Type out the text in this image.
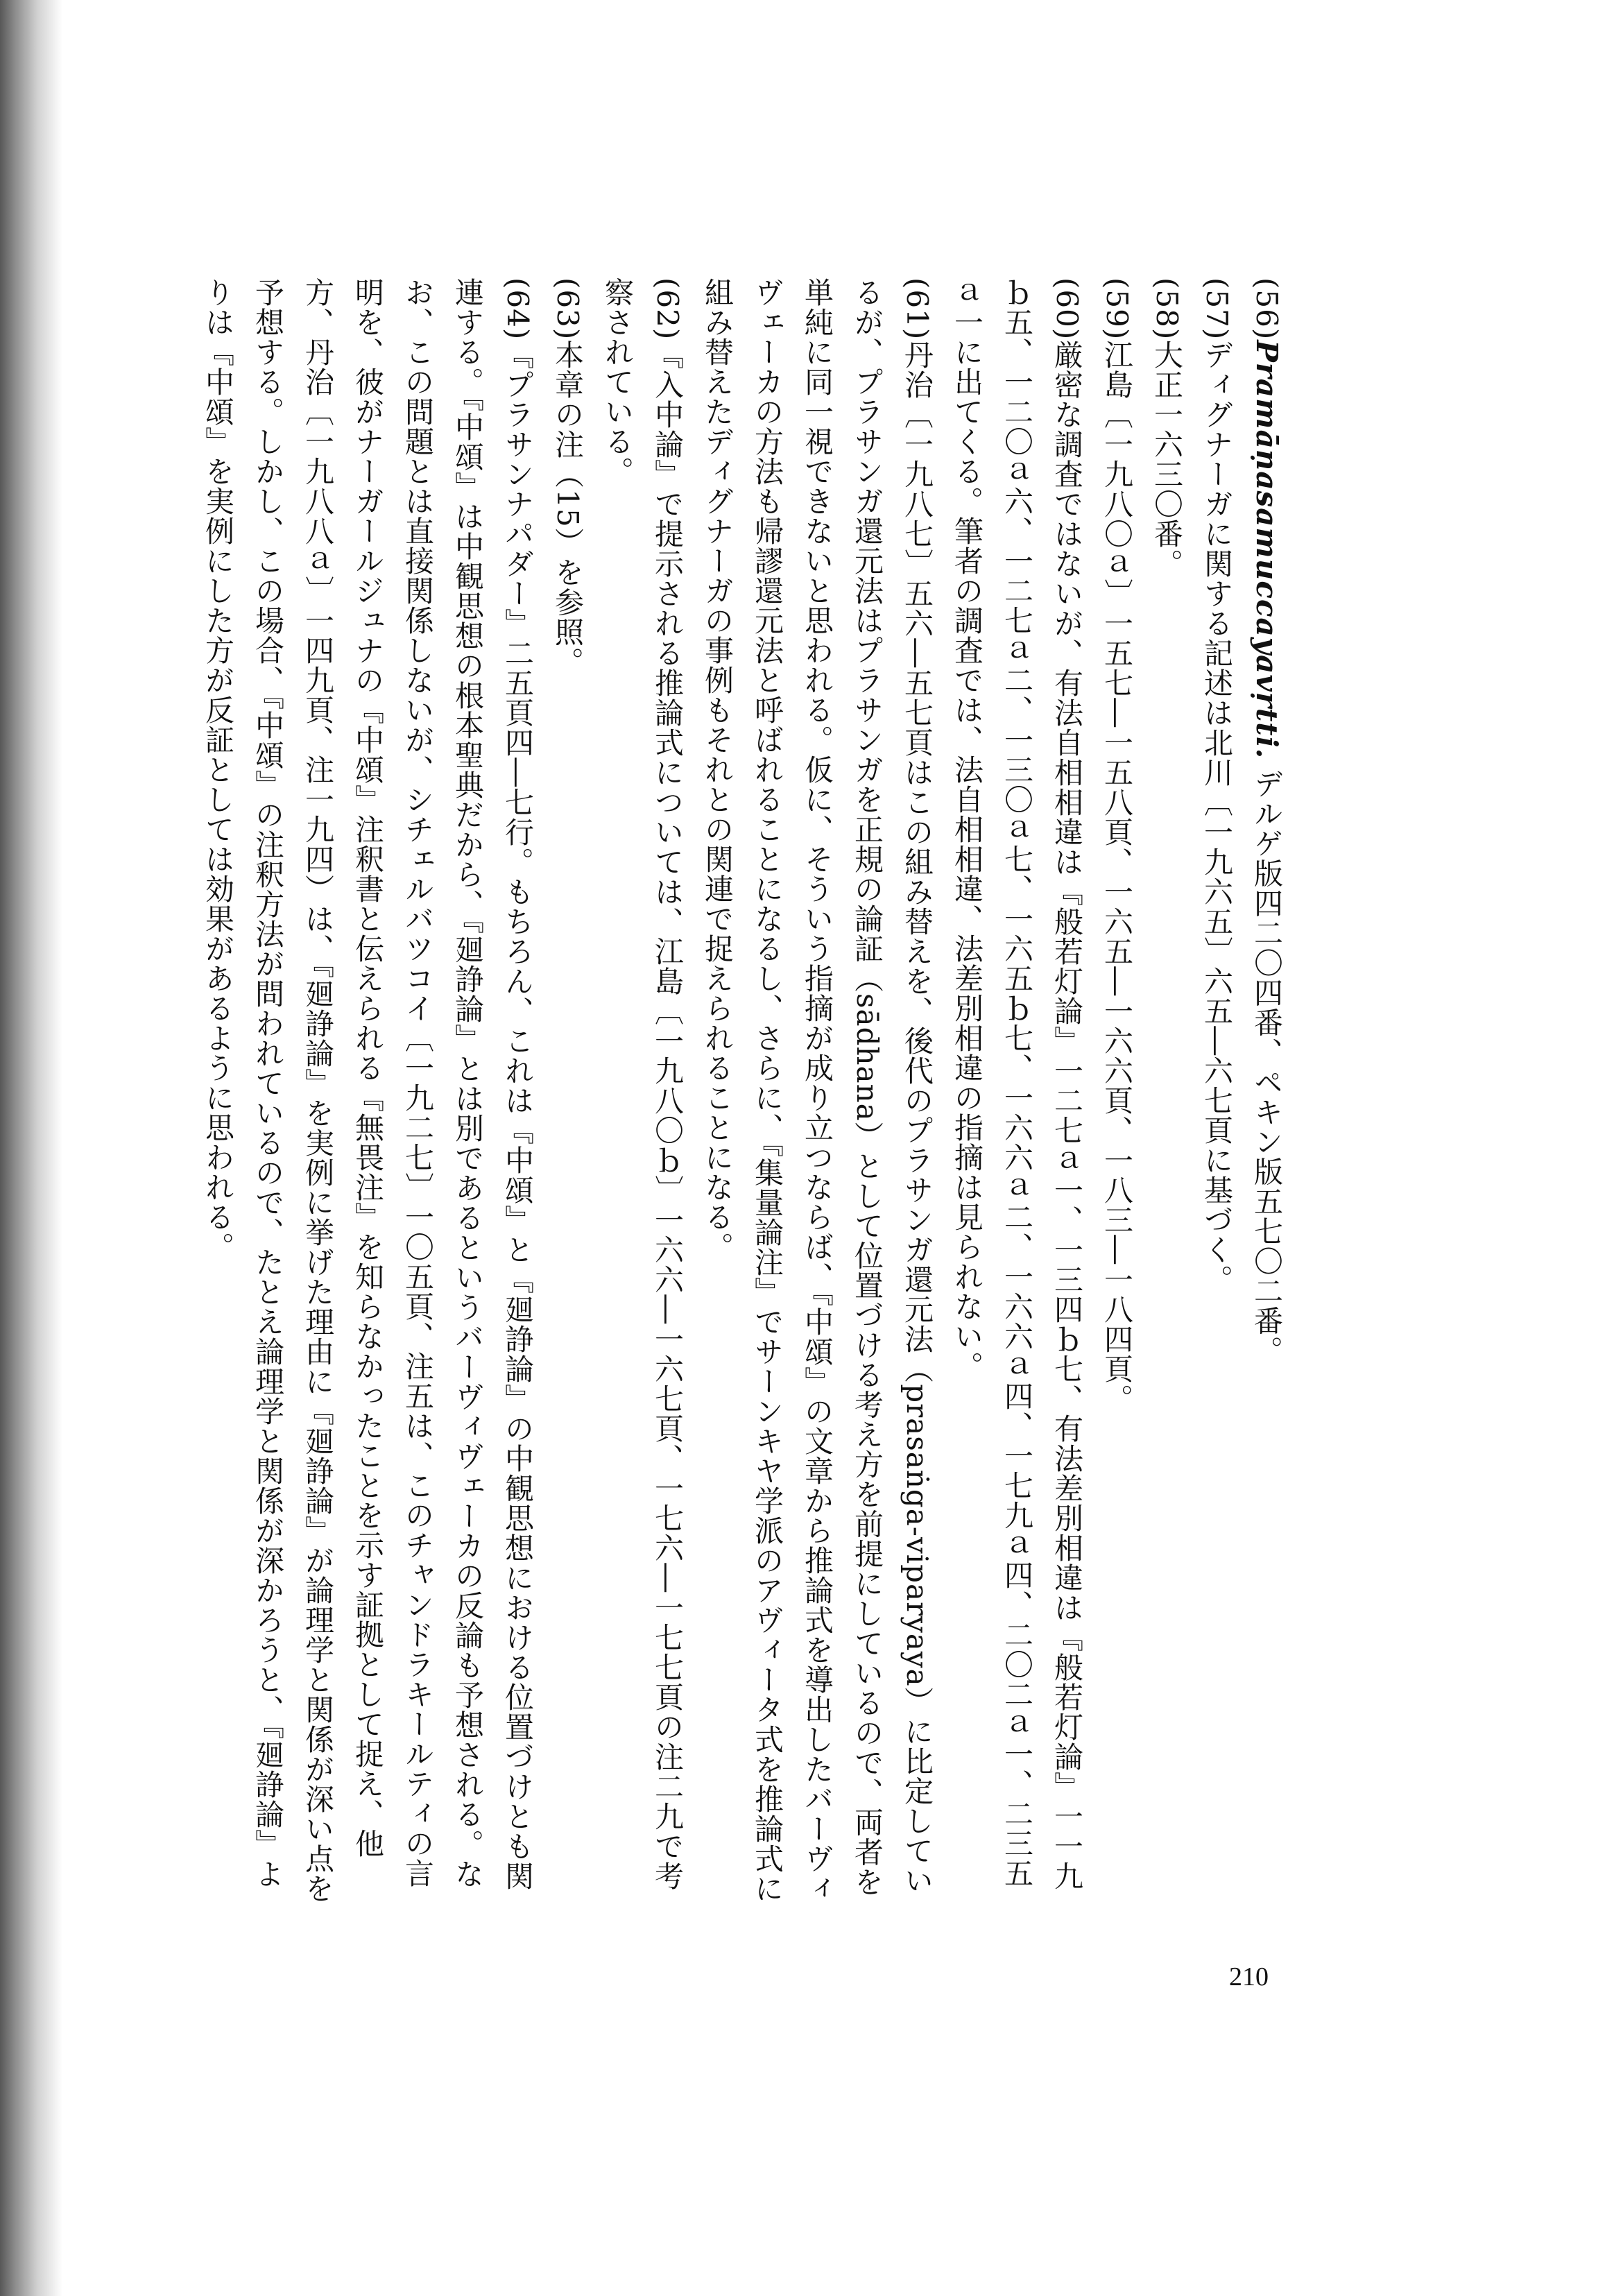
(56)Pramāṇasamuccayavṛtti. デルゲ版四二〇四番、ペキン版五七〇二番。

(57)ディグナーガに関する記述は北川〔一九六五〕六五―六七頁に基づく。

(58)大正一六三〇番。

(59)江島〔一九八〇ａ〕一五七―一五八頁、一六五―一六六頁、一八三―一八四頁。

(60)厳密な調査ではないが、有法自相相違は『般若灯論』一二七ａ一、一三四ｂ七、有法差別相違は『般若灯論』一一九ｂ五、一二〇ａ六、一二七ａ二、一三〇ａ七、一六五ｂ七、一六六ａ二、一六六ａ四、一七九ａ四、二〇二ａ一、二三五ａ一に出てくる。筆者の調査では、法自相相違、法差別相違の指摘は見られない。

(61)丹治〔一九八七〕五六―五七頁はこの組み替えを、後代のプラサンガ還元法（prasaṅga-viparyaya）に比定しているが、プラサンガ還元法はプラサンガを正規の論証（sādhana）として位置づける考え方を前提にしているので、両者を単純に同一視できないと思われる。仮に、そういう指摘が成り立つならば、『中頌』の文章から推論式を導出したバーヴィヴェーカの方法も帰謬還元法と呼ばれることになるし、さらに、『集量論注』でサーンキヤ学派のアヴィータ式を推論式に組み替えたディグナーガの事例もそれとの関連で捉えられることになる。

(62)『入中論』で提示される推論式については、江島〔一九八〇ｂ〕一六六―一六七頁、一七六―一七七頁の注二九で考察されている。

(63)本章の注（15）を参照。

(64)『プラサンナパダー』二五頁四―七行。もちろん、これは『中頌』と『廻諍論』の中観思想における位置づけとも関連する。『中頌』は中観思想の根本聖典だから、『廻諍論』とは別であるというバーヴィヴェーカの反論も予想される。なお、この問題とは直接関係しないが、シチェルバツコイ〔一九二七〕一〇五頁、注五は、このチャンドラキールティの言明を、彼がナーガールジュナの『中頌』注釈書と伝えられる『無畏注』を知らなかったことを示す証拠として捉え、他方、丹治〔一九八八ａ〕一四九頁、注一九四）は、『廻諍論』を実例に挙げた理由に『廻諍論』が論理学と関係が深い点を予想する。しかし、この場合、『中頌』の注釈方法が問われているので、たとえ論理学と関係が深かろうと、『廻諍論』よりは『中頌』を実例にした方が反証としては効果があるように思われる。

210
